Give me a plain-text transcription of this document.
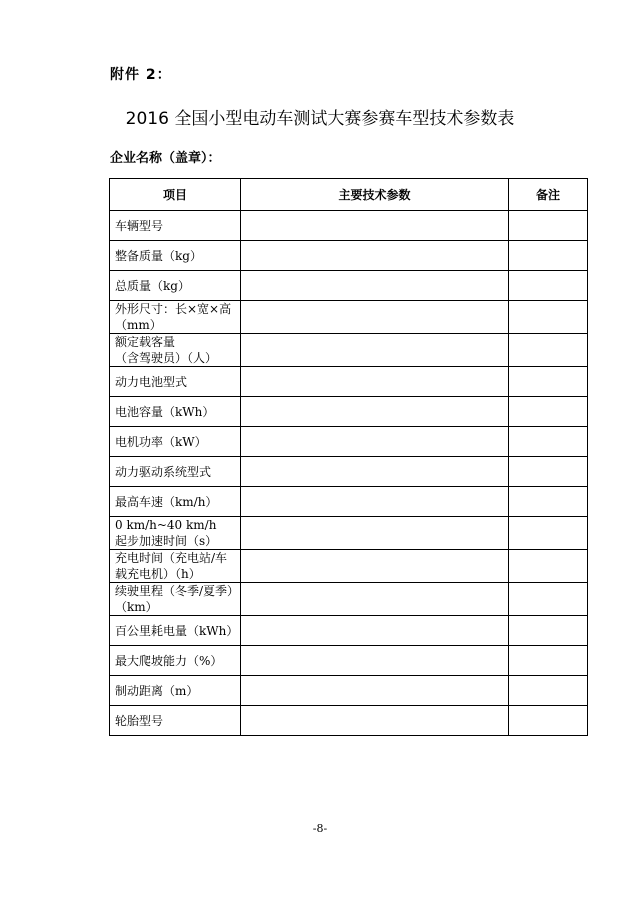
附件 2：
2016 全国小型电动车测试大赛参赛车型技术参数表
企业名称（盖章）：
项目	主要技术参数	备注

车辆型号		

整备质量（kg）		

总质量（kg）		

外形尺寸：长×宽×高
（mm）		

额定载客量
（含驾驶员）（人）		

动力电池型式		

电池容量（kWh）		

电机功率（kW）		

动力驱动系统型式		

最高车速（km/h）		

0 km/h~40 km/h
起步加速时间（s）		

充电时间（充电站/车
载充电机）（h）		

续驶里程（冬季/夏季）
（km）		

百公里耗电量（kWh）		

最大爬坡能力（%）		

制动距离（m）		

轮胎型号		

-8-
